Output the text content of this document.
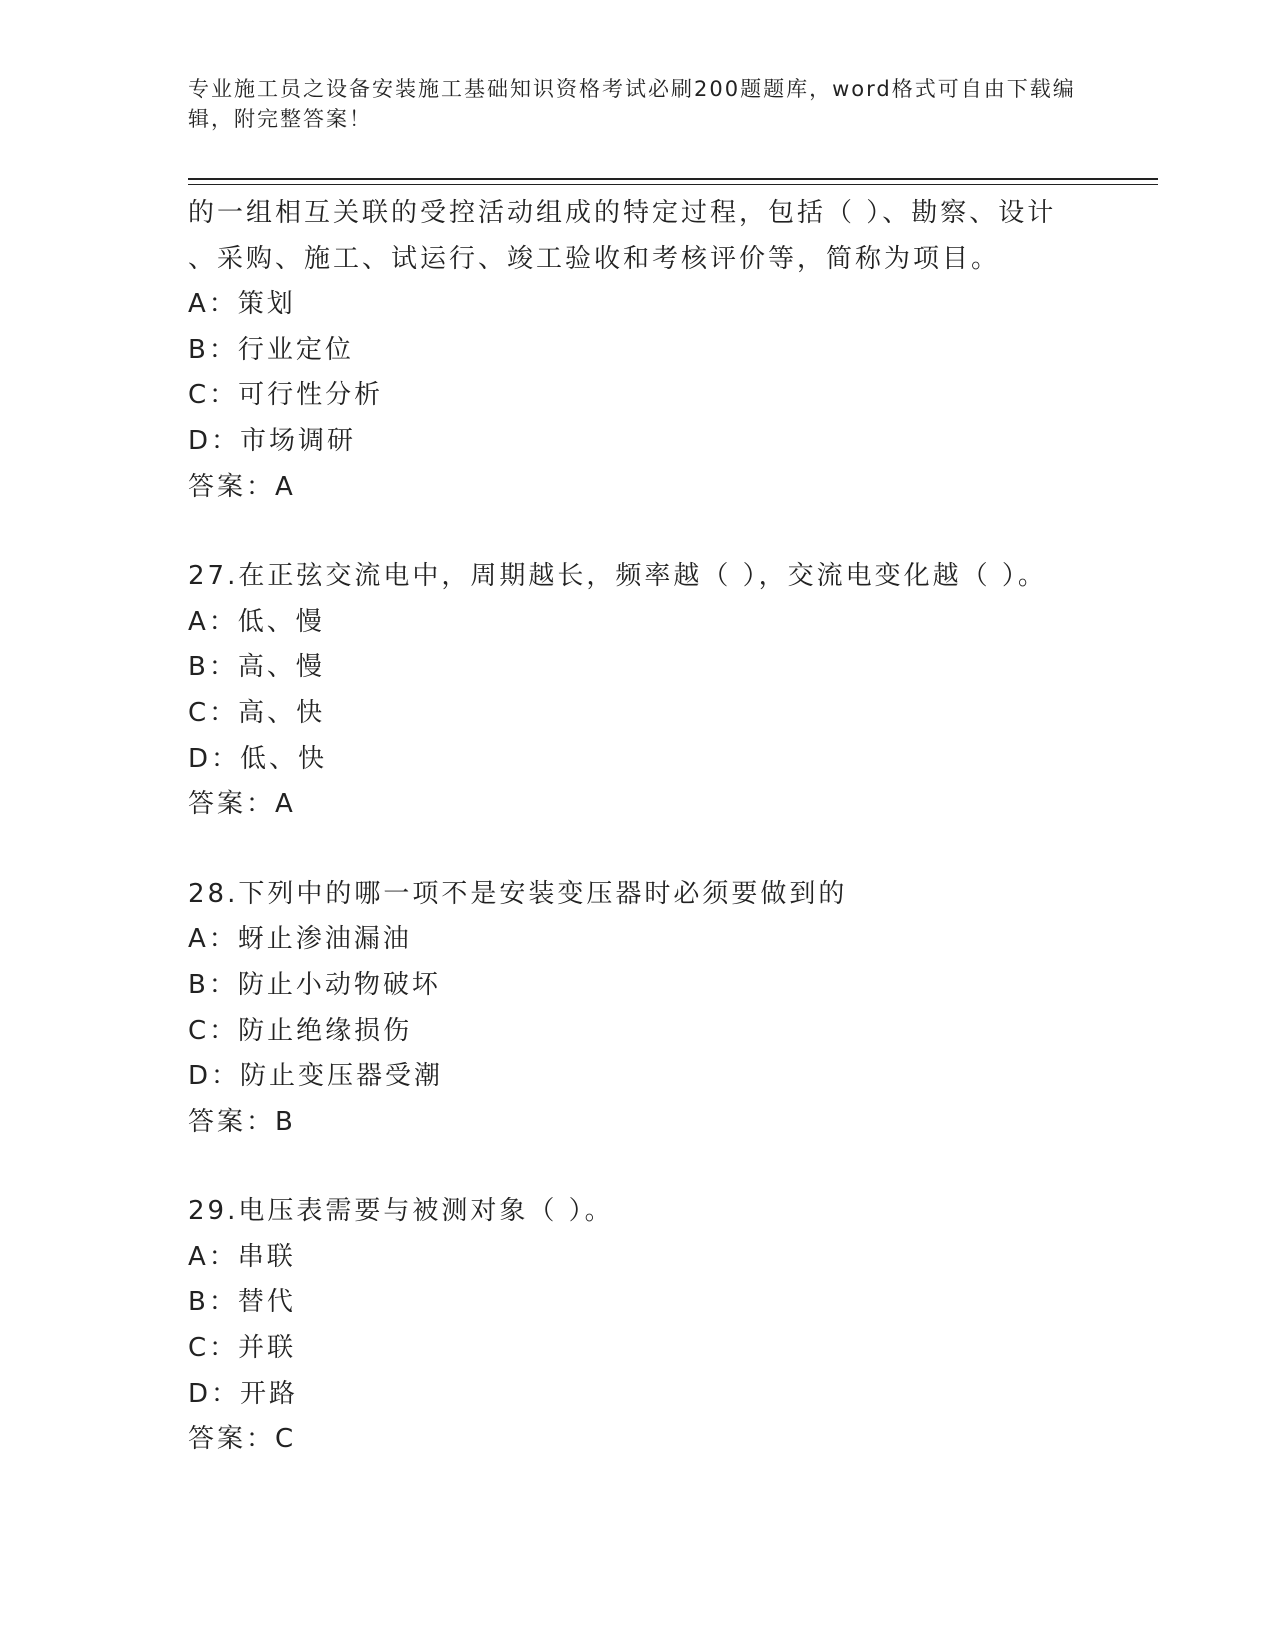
专业施工员之设备安装施工基础知识资格考试必刷200题题库，word格式可自由下载编辑，附完整答案！
的一组相互关联的受控活动组成的特定过程，包括（ ）、勘察、设计
、采购、施工、试运行、竣工验收和考核评价等，简称为项目。
A：策划
B：行业定位
C：可行性分析
D：市场调研
答案：A
27.在正弦交流电中，周期越长，频率越（ ），交流电变化越（ ）。
A：低、慢
B：高、慢
C：高、快
D：低、快
答案：A
28.下列中的哪一项不是安装变压器时必须要做到的
A：蚜止渗油漏油
B：防止小动物破坏
C：防止绝缘损伤
D：防止变压器受潮
答案：B
29.电压表需要与被测对象（ ）。
A：串联
B：替代
C：并联
D：开路
答案：C
